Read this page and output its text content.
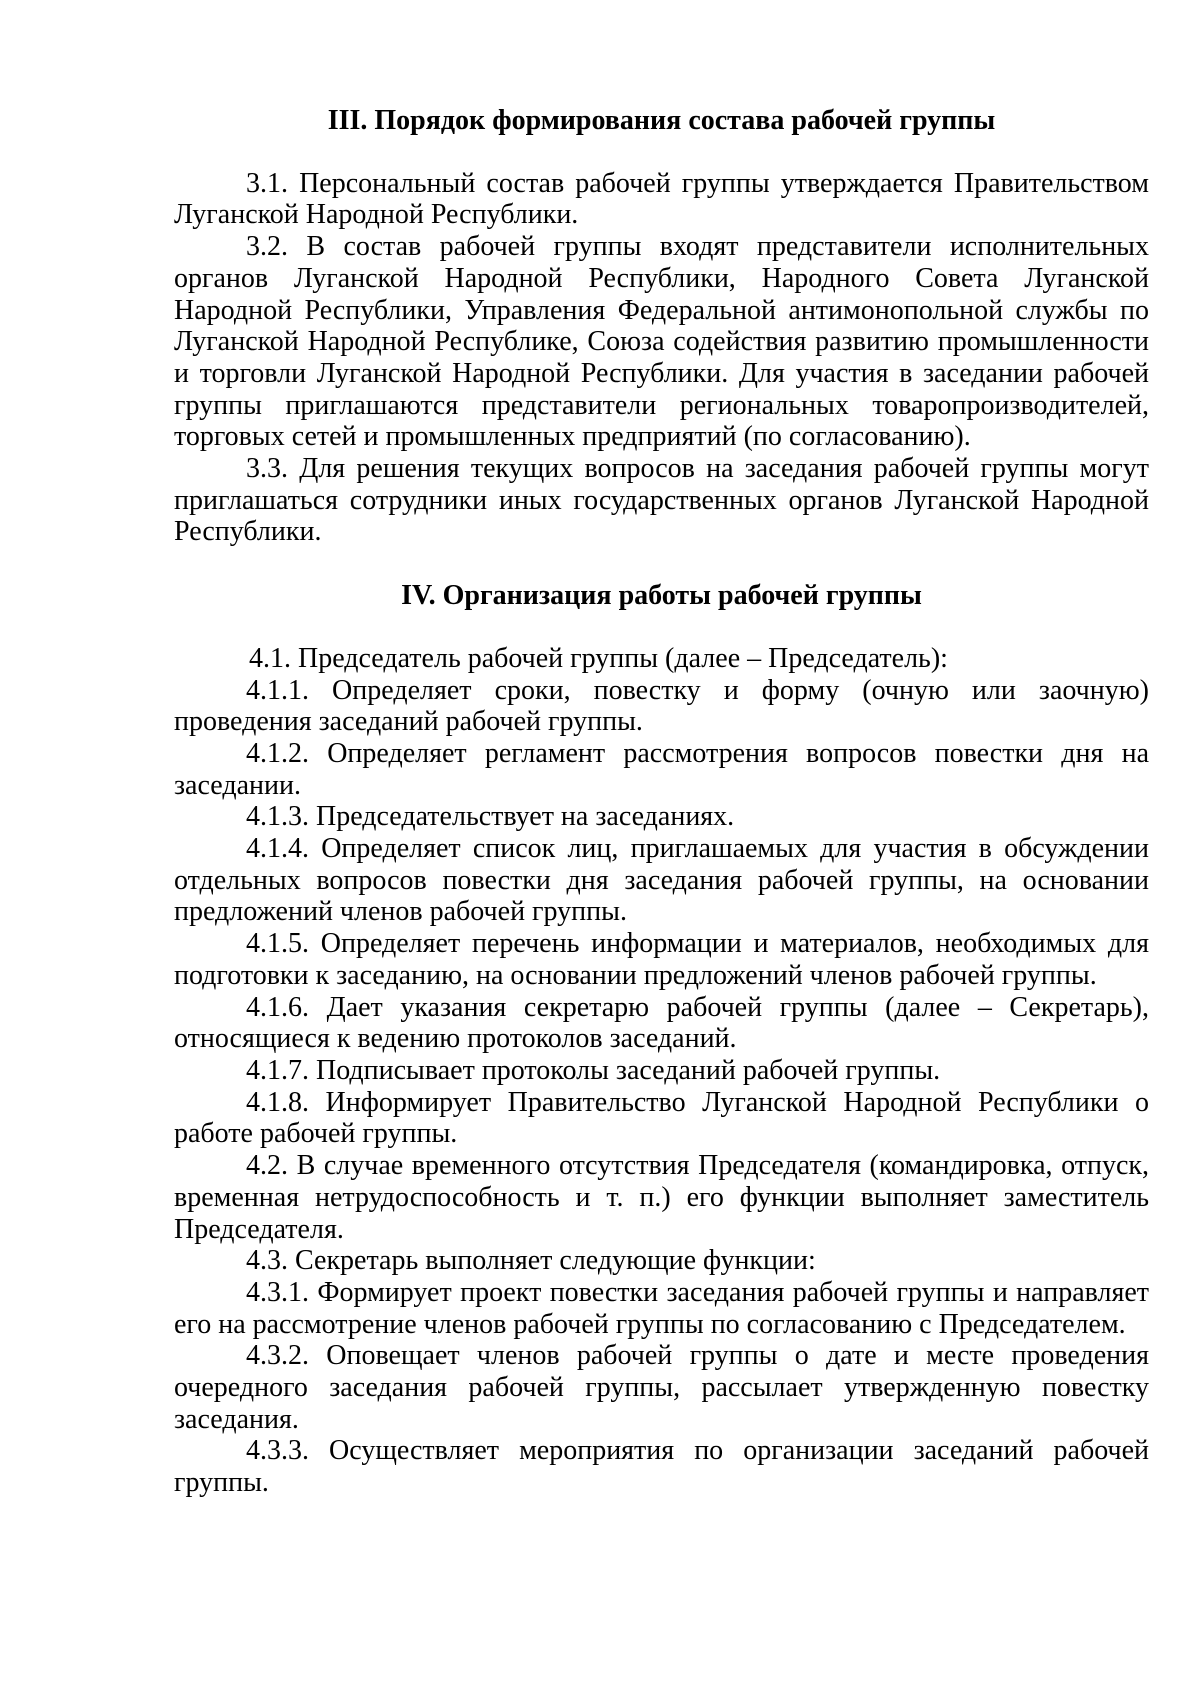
III. Порядок формирования состава рабочей группы

3.1. Персональный состав рабочей группы утверждается Правительством Луганской Народной Республики.

3.2. В состав рабочей группы входят представители исполнительных органов Луганской Народной Республики, Народного Совета Луганской Народной Республики, Управления Федеральной антимонопольной службы по Луганской Народной Республике, Союза содействия развитию промышленности и торговли Луганской Народной Республики. Для участия в заседании рабочей группы приглашаются представители региональных товаропроизводителей, торговых сетей и промышленных предприятий (по согласованию).

3.3. Для решения текущих вопросов на заседания рабочей группы могут приглашаться сотрудники иных государственных органов Луганской Народной Республики.

IV. Организация работы рабочей группы

4.1. Председатель рабочей группы (далее – Председатель):

4.1.1. Определяет сроки, повестку и форму (очную или заочную) проведения заседаний рабочей группы.

4.1.2. Определяет регламент рассмотрения вопросов повестки дня на заседании.

4.1.3. Председательствует на заседаниях.

4.1.4. Определяет список лиц, приглашаемых для участия в обсуждении отдельных вопросов повестки дня заседания рабочей группы, на основании предложений членов рабочей группы.

4.1.5. Определяет перечень информации и материалов, необходимых для подготовки к заседанию, на основании предложений членов рабочей группы.

4.1.6. Дает указания секретарю рабочей группы (далее – Секретарь), относящиеся к ведению протоколов заседаний.

4.1.7. Подписывает протоколы заседаний рабочей группы.

4.1.8. Информирует Правительство Луганской Народной Республики о работе рабочей группы.

4.2. В случае временного отсутствия Председателя (командировка, отпуск, временная нетрудоспособность и т. п.) его функции выполняет заместитель Председателя.

4.3. Секретарь выполняет следующие функции:

4.3.1. Формирует проект повестки заседания рабочей группы и направляет его на рассмотрение членов рабочей группы по согласованию с Председателем.

4.3.2. Оповещает членов рабочей группы о дате и месте проведения очередного заседания рабочей группы, рассылает утвержденную повестку заседания.

4.3.3. Осуществляет мероприятия по организации заседаний рабочей группы.
